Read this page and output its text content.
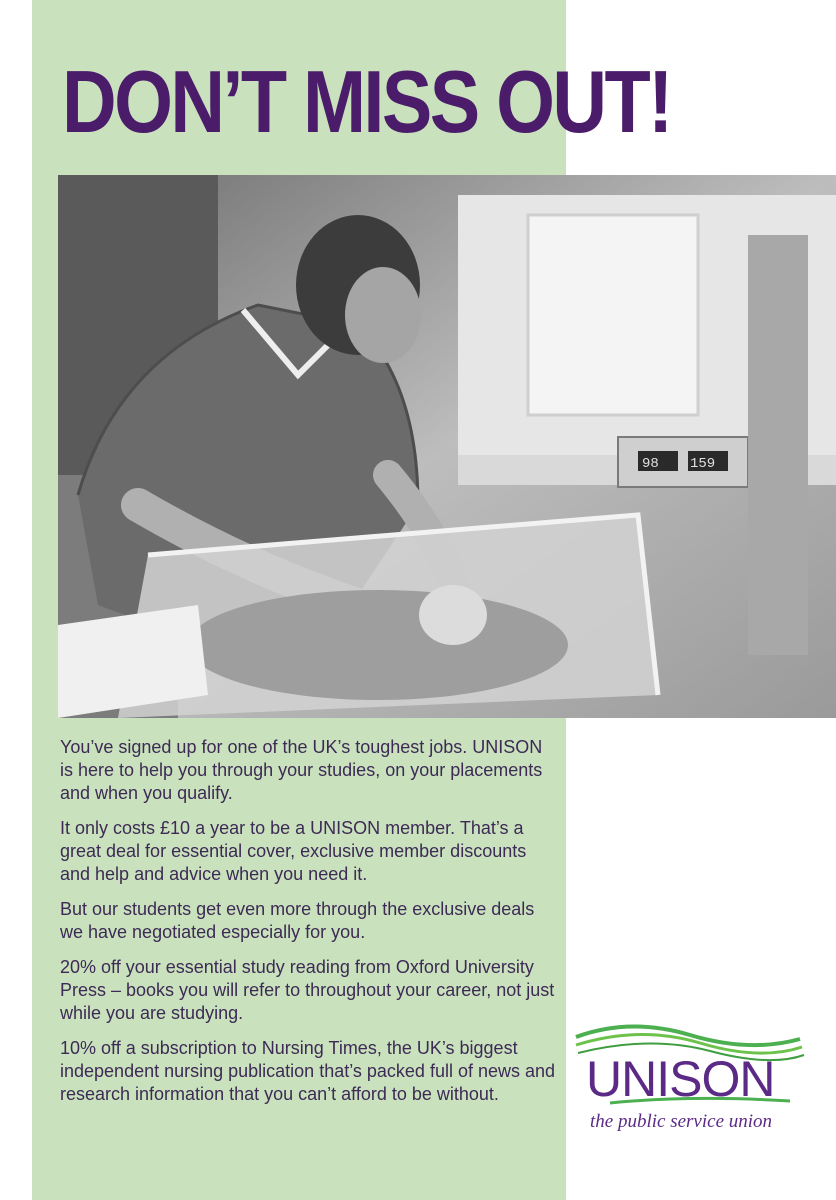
DON’T MISS OUT!
98 159

You’ve signed up for one of the UK’s toughest jobs. UNISON is here to help you through your studies, on your placements and when you qualify.

It only costs £10 a year to be a UNISON member. That’s a great deal for essential cover, exclusive member discounts and help and advice when you need it.

But our students get even more through the exclusive deals we have negotiated especially for you.

20% off your essential study reading from Oxford University Press – books you will refer to throughout your career, not just while you are studying.

10% off a subscription to Nursing Times, the UK’s biggest independent nursing publication that’s packed full of news and research information that you can’t afford to be without.	UNISON

the public service union
